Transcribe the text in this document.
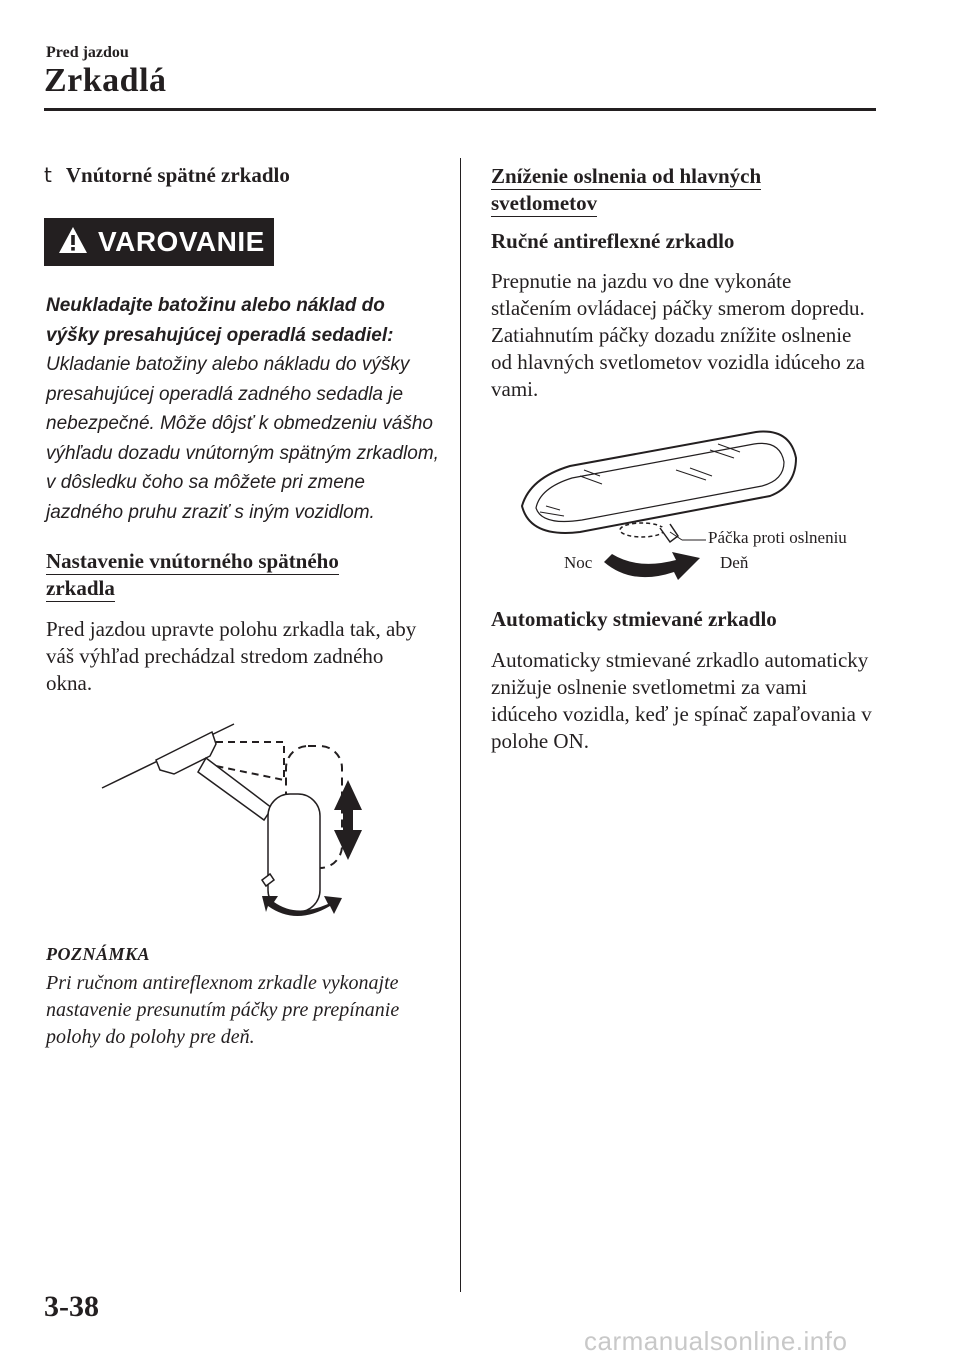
Pred jazdou
Zrkadlá
t Vnútorné spätné zrkadlo
VAROVANIE
Neukladajte batožinu alebo náklad do výšky presahujúcej operadlá sedadiel:
Ukladanie batožiny alebo nákladu do výšky presahujúcej operadlá zadného sedadla je nebezpečné. Môže dôjsť k obmedzeniu vášho výhľadu dozadu vnútorným spätným zrkadlom, v dôsledku čoho sa môžete pri zmene jazdného pruhu zraziť s iným vozidlom.
Nastavenie vnútorného spätného
zrkadla
Pred jazdou upravte polohu zrkadla tak, aby váš výhľad prechádzal stredom zadného okna.
POZNÁMKA
Pri ručnom antireflexnom zrkadle vykonajte nastavenie presunutím páčky pre prepínanie polohy do polohy pre deň.
Zníženie oslnenia od hlavných
svetlometov
Ručné antireflexné zrkadlo
Prepnutie na jazdu vo dne vykonáte stlačením ovládacej páčky smerom dopredu. Zatiahnutím páčky dozadu znížite oslnenie od hlavných svetlometov vozidla idúceho za vami.
Páčka proti oslneniu
Noc	Deň
Automaticky stmievané zrkadlo
Automaticky stmievané zrkadlo automaticky znižuje oslnenie svetlometmi za vami idúceho vozidla, keď je spínač zapaľovania v polohe ON.
3-38
carmanualsonline.info
